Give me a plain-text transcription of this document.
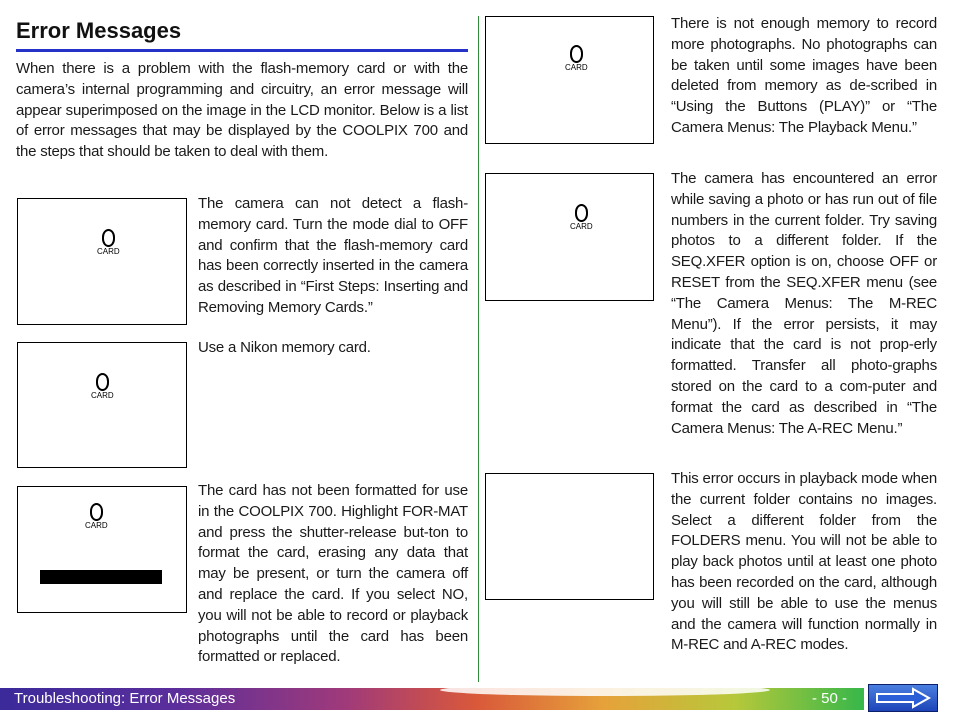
Error Messages

When there is a problem with the flash-memory card or with the camera’s internal programming and circuitry, an error message will appear superimposed on the image in the LCD monitor. Below is a list of error messages that may be displayed by the COOLPIX 700 and the steps that should be taken to deal with them.

CARD

The camera can not detect a flash-memory card. Turn the mode dial to OFF and confirm that the flash-memory card has been correctly inserted in the camera as described in “First Steps: Inserting and Removing Memory Cards.”

CARD

Use a Nikon memory card.

CARD

The card has not been formatted for use in the COOLPIX 700. Highlight FOR-MAT and press the shutter-release but-ton to format the card, erasing any data that may be present, or turn the camera off and replace the card. If you select NO, you will not be able to record or playback photographs until the card has been formatted or replaced.

CARD

There is not enough memory to record more photographs. No photographs can be taken until some images have been deleted from memory as de-scribed in “Using the Buttons (PLAY)” or “The Camera Menus: The Playback Menu.”

CARD

The camera has encountered an error while saving a photo or has run out of file numbers in the current folder. Try saving photos to a different folder. If the SEQ.XFER option is on, choose OFF or RESET from the SEQ.XFER menu (see “The Camera Menus: The M-REC Menu”). If the error persists, it may indicate that the card is not prop-erly formatted. Transfer all photo-graphs stored on the card to a com-puter and format the card as described in “The Camera Menus: The A-REC Menu.”

This error occurs in playback mode when the current folder contains no images. Select a different folder from the FOLDERS menu. You will not be able to play back photos until at least one photo has been recorded on the card, although you will still be able to use the menus and the camera will function normally in M-REC and A-REC modes.

Troubleshooting: Error Messages	- 50 -
